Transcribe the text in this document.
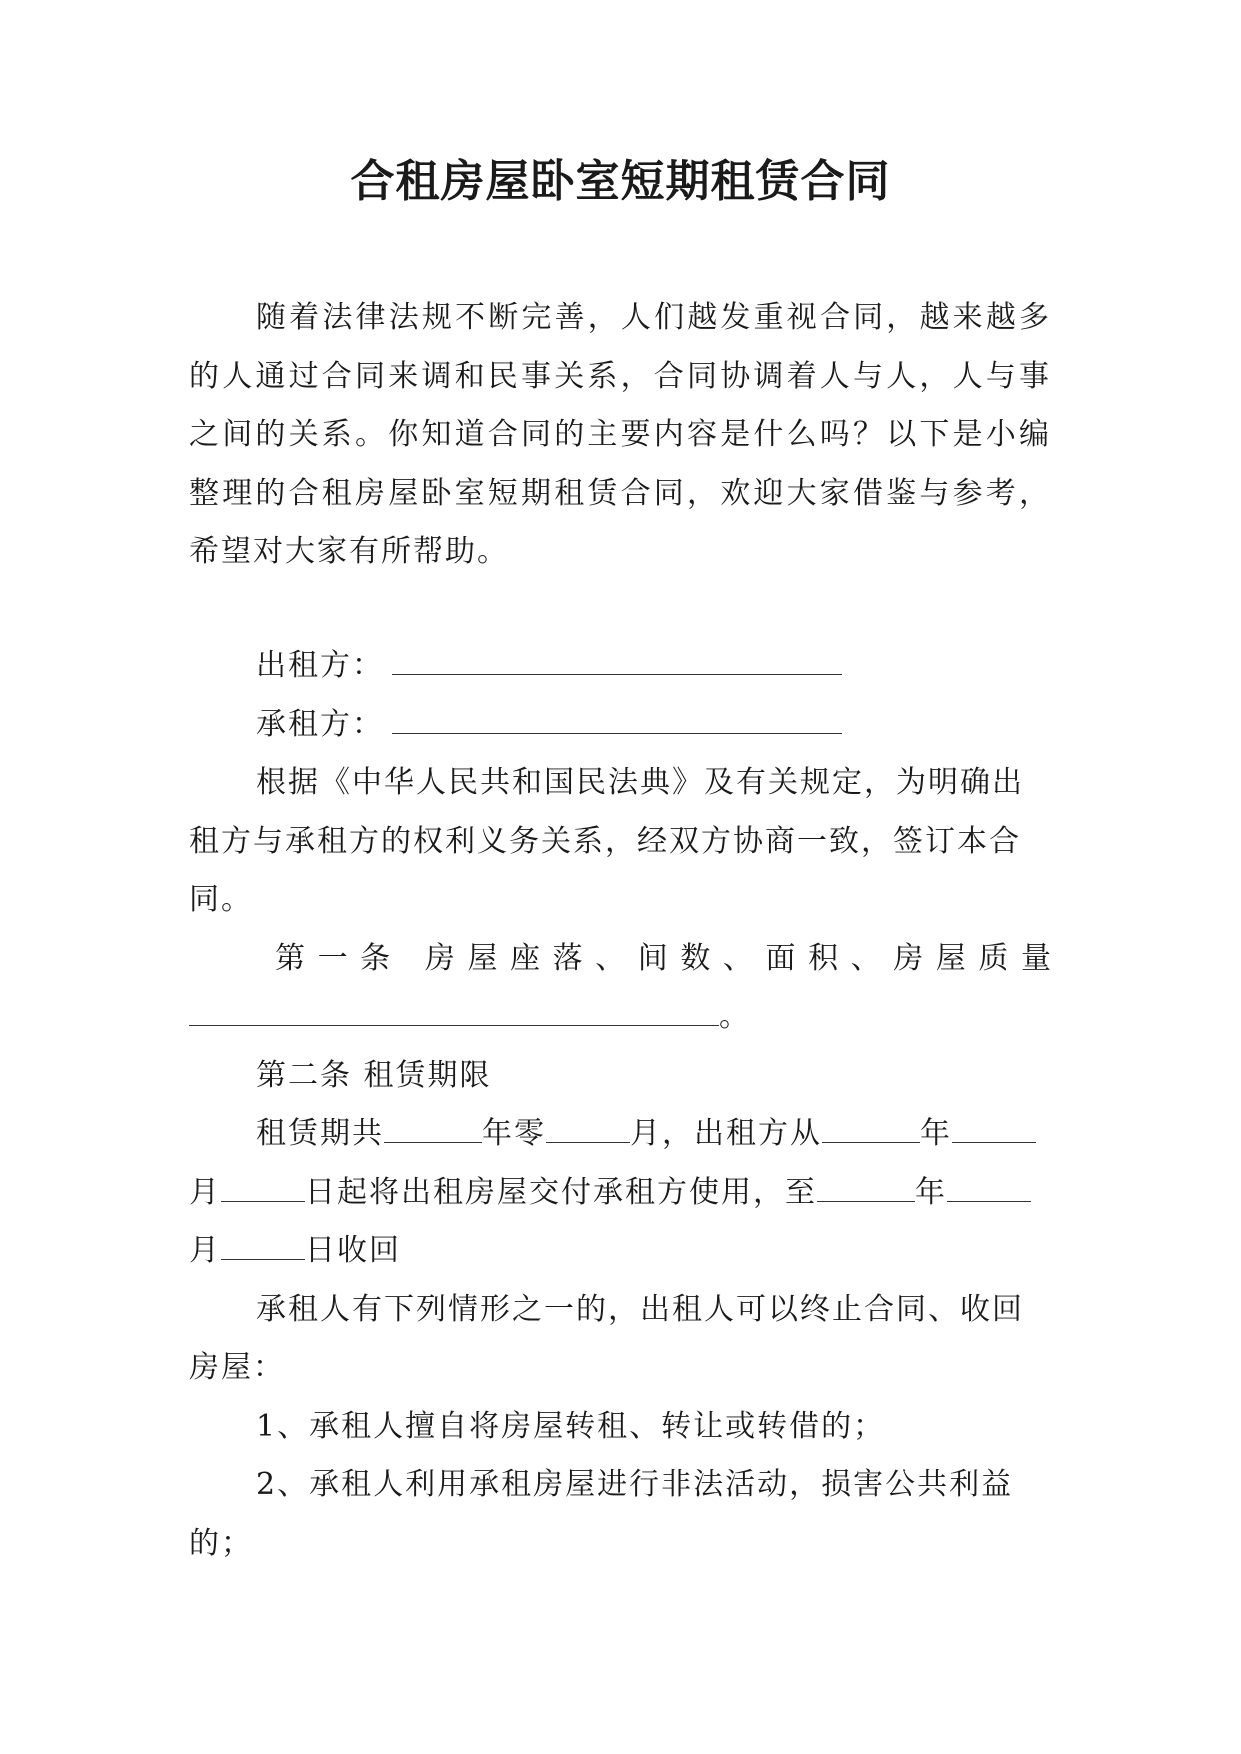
合租房屋卧室短期租赁合同
随着法律法规不断完善，人们越发重视合同，越来越多的人通过合同来调和民事关系，合同协调着人与人，人与事之间的关系。你知道合同的主要内容是什么吗？以下是小编整理的合租房屋卧室短期租赁合同，欢迎大家借鉴与参考，希望对大家有所帮助。
出租方：
承租方：
根据《中华人民共和国民法典》及有关规定，为明确出
租方与承租方的权利义务关系，经双方协商一致，签订本合
同。
第 一 条
房 屋 座 落 、 间 数 、 面 积 、 房 屋 质 量
。
第二条 租赁期限
租赁期共	年零	月，出租方从	年
月	日起将出租房屋交付承租方使用，至	年
月	日收回
承租人有下列情形之一的，出租人可以终止合同、收回
房屋：
1、承租人擅自将房屋转租、转让或转借的；
2、承租人利用承租房屋进行非法活动，损害公共利益
的；
